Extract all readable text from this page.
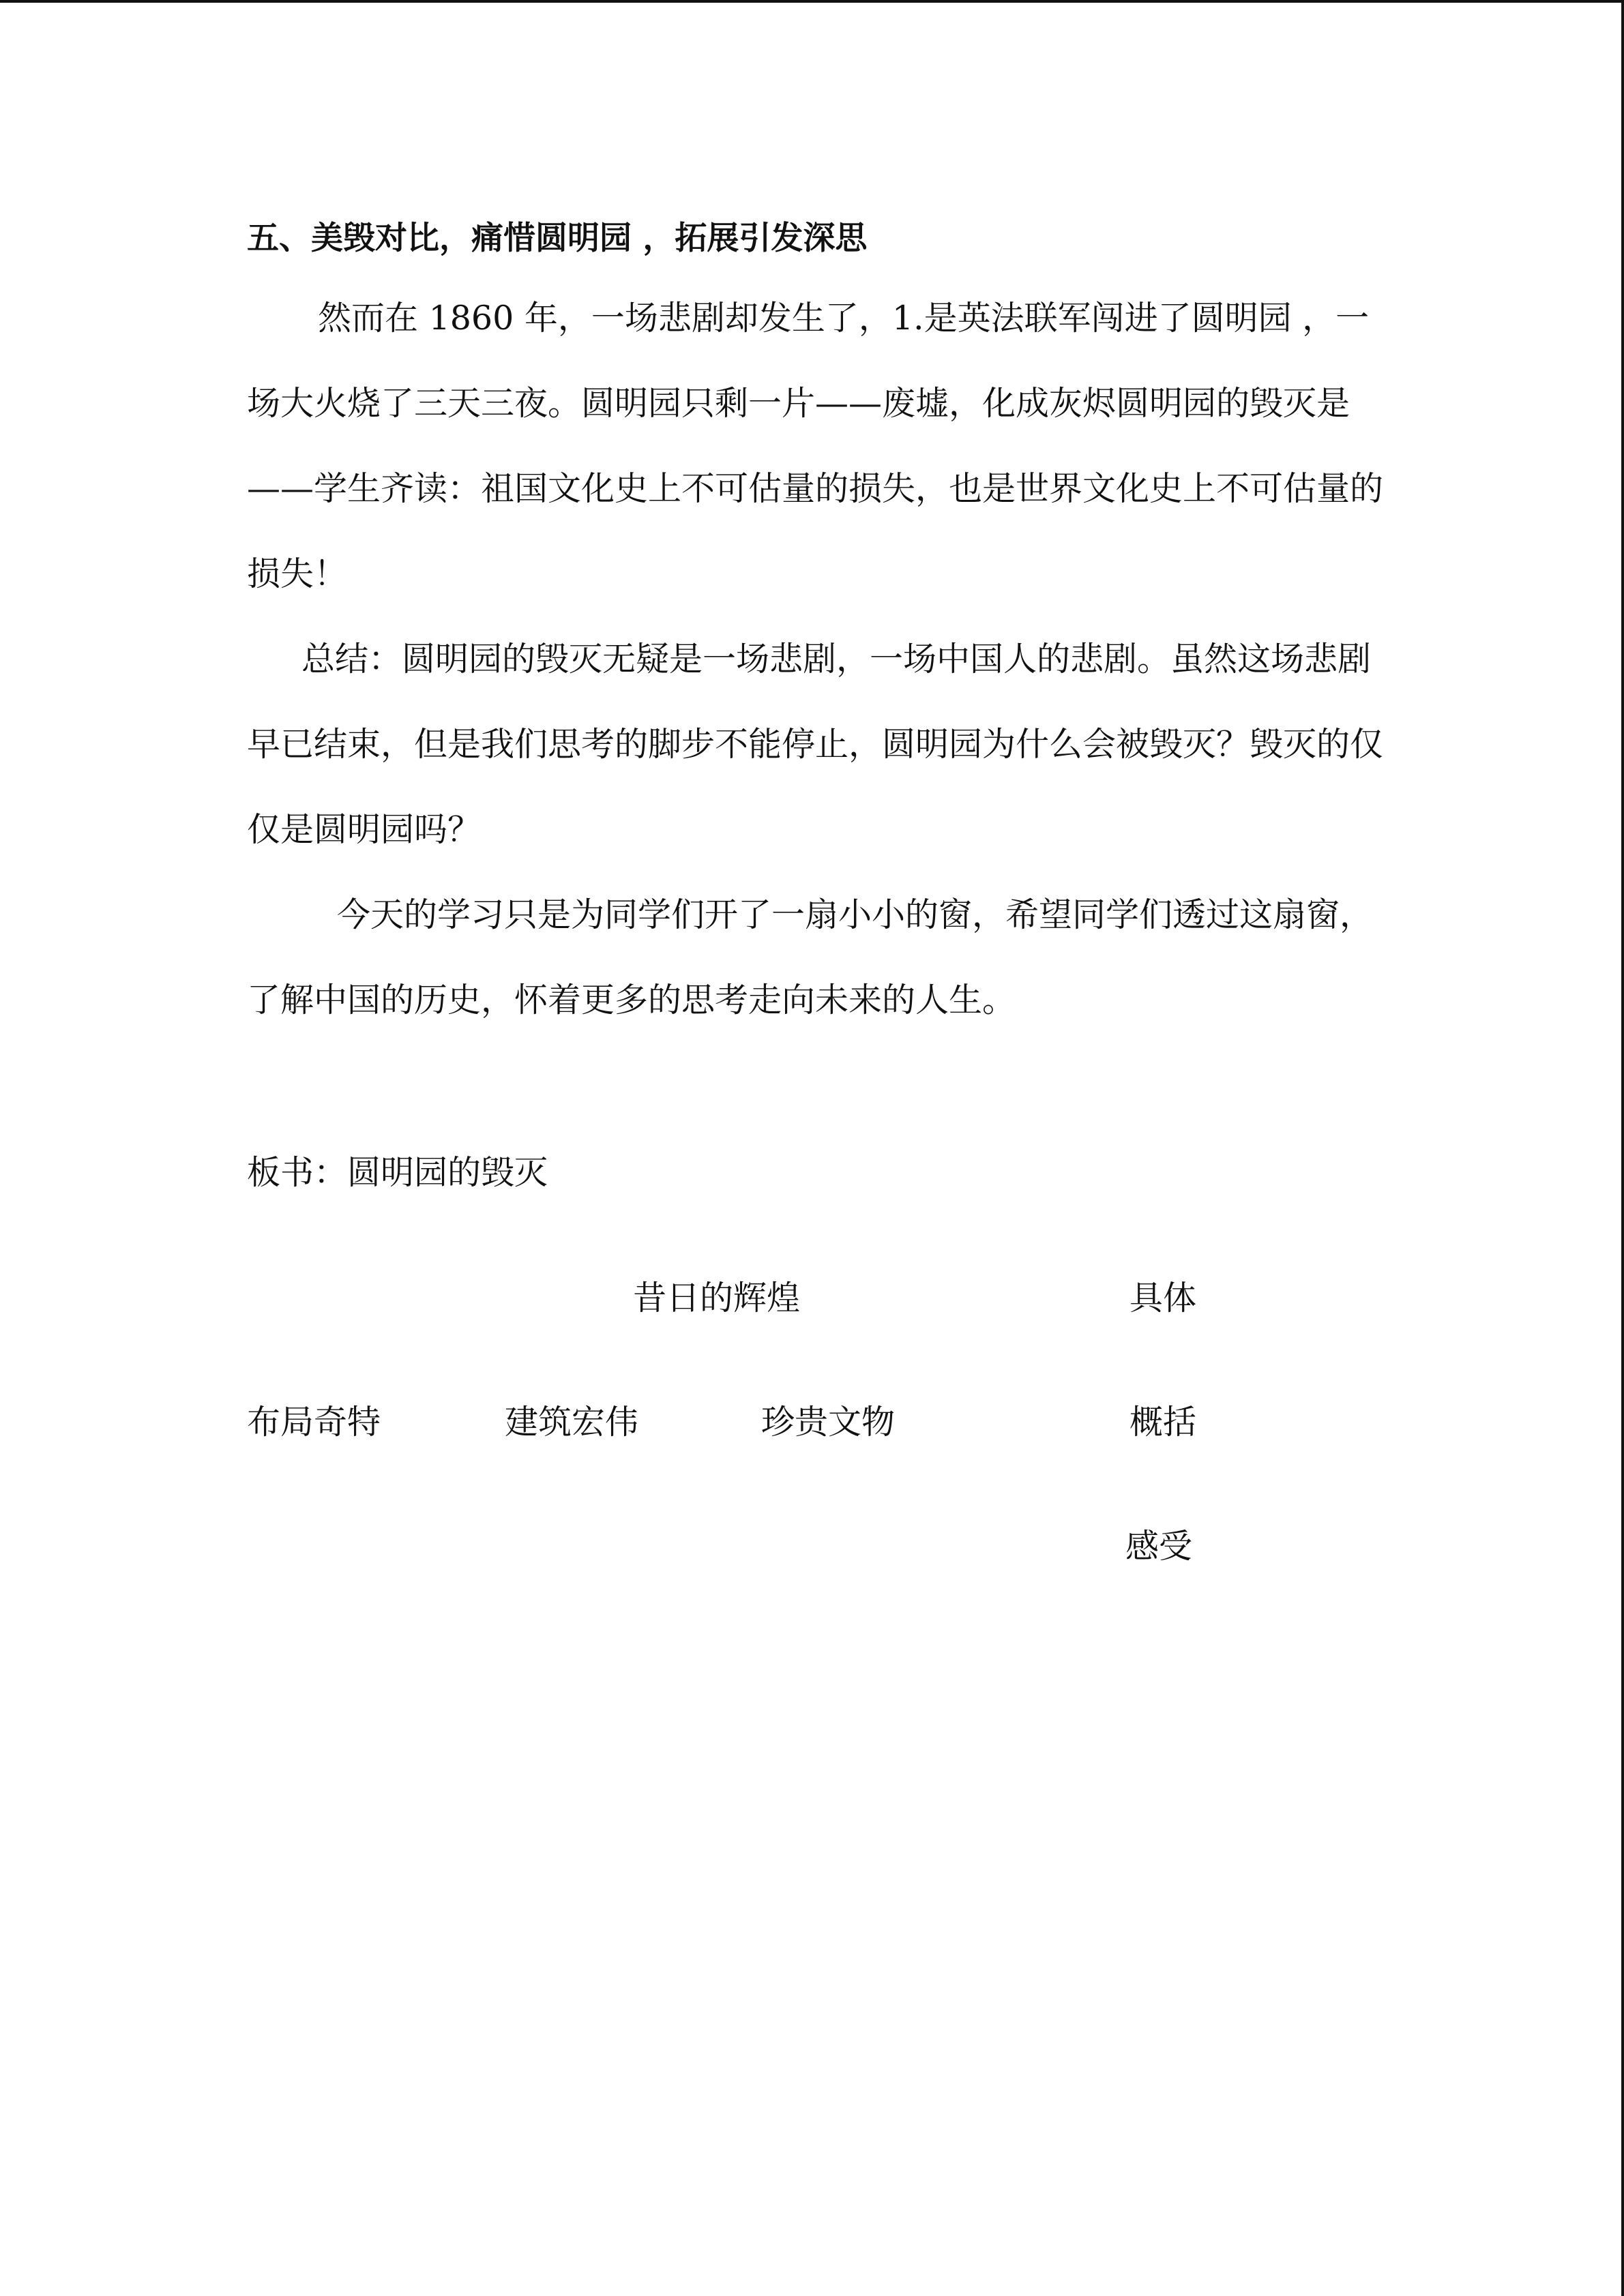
五、美毁对比，痛惜圆明园 ，拓展引发深思

然而在 1860 年，一场悲剧却发生了，1.是英法联军闯进了圆明园 ，一场大火烧了三天三夜。圆明园只剩一片——废墟，化成灰烬圆明园的毁灭是——学生齐读：祖国文化史上不可估量的损失，也是世界文化史上不可估量的损失！

总结：圆明园的毁灭无疑是一场悲剧，一场中国人的悲剧。虽然这场悲剧早已结束，但是我们思考的脚步不能停止，圆明园为什么会被毁灭？毁灭的仅仅是圆明园吗？

今天的学习只是为同学们开了一扇小小的窗，希望同学们透过这扇窗，了解中国的历史，怀着更多的思考走向未来的人生。

板书：圆明园的毁灭
昔日的辉煌	具体
布局奇特	建筑宏伟	珍贵文物	概括
感受
